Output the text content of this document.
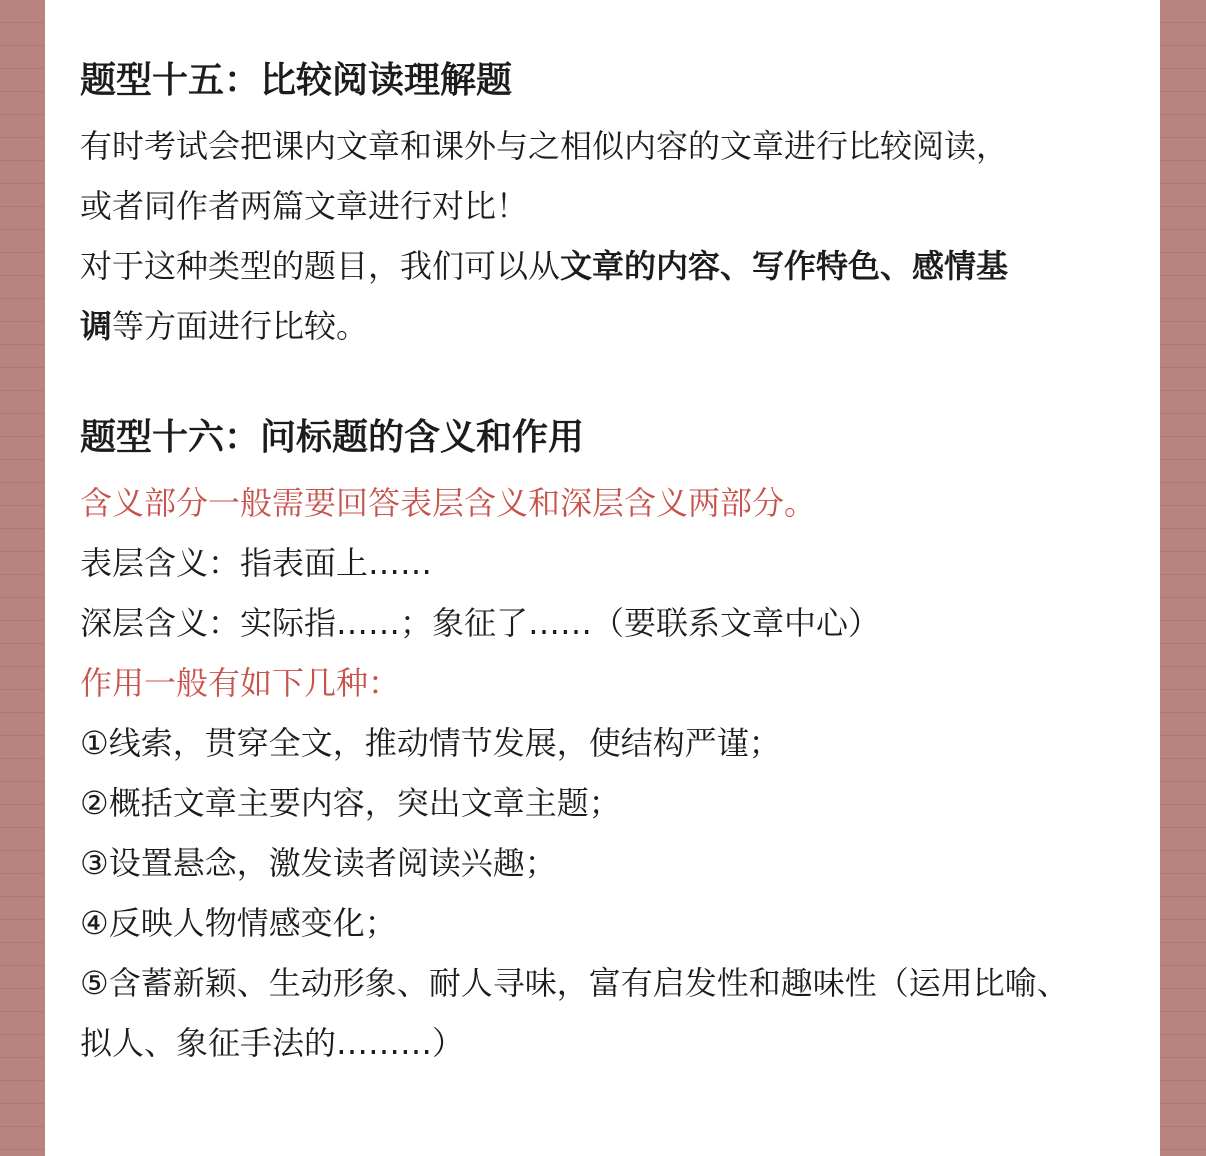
题型十五：比较阅读理解题
有时考试会把课内文章和课外与之相似内容的文章进行比较阅读，
或者同作者两篇文章进行对比！
对于这种类型的题目，我们可以从文章的内容、写作特色、感情基
调等方面进行比较。
题型十六：问标题的含义和作用
含义部分一般需要回答表层含义和深层含义两部分。
表层含义：指表面上……
深层含义：实际指……；象征了……（要联系文章中心）
作用一般有如下几种：
①线索，贯穿全文，推动情节发展，使结构严谨；
②概括文章主要内容，突出文章主题；
③设置悬念，激发读者阅读兴趣；
④反映人物情感变化；
⑤含蓄新颖、生动形象、耐人寻味，富有启发性和趣味性（运用比喻、
拟人、象征手法的………）
